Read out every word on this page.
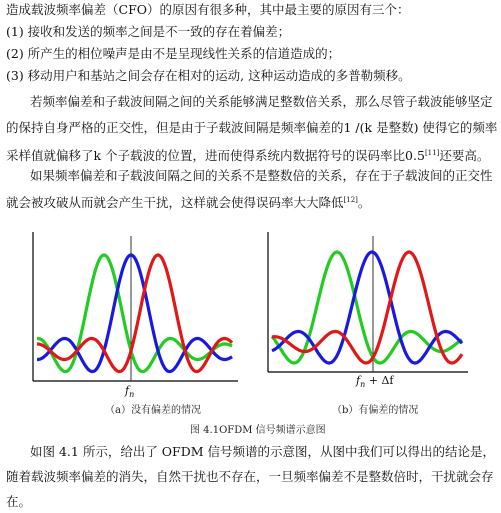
造成载波频率偏差（CFO）的原因有很多种，其中最主要的原因有三个：
(1) 接收和发送的频率之间是不一致的存在着偏差；
(2) 所产生的相位噪声是由不是呈现线性关系的信道造成的；
(3) 移动用户和基站之间会存在相对的运动, 这种运动造成的多普勒频移。
若频率偏差和子载波间隔之间的关系能够满足整数倍关系，那么尽管子载波能够坚定
的保持自身严格的正交性，但是由于子载波间隔是频率偏差的1 /(k 是整数) 使得它的频率
采样值就偏移了k 个子载波的位置，进而使得系统内数据符号的误码率比0.5[11]还要高。
如果频率偏差和子载波间隔之间的关系不是整数倍的关系，存在于子载波间的正交性
就会被攻破从而就会产生干扰，这样就会使得误码率大大降低[12]。
$f_n$
$f_n + \Delta f$
（a）没有偏差的情况	（b）有偏差的情况
图 4.1OFDM 信号频谱示意图
如图 4.1 所示，给出了 OFDM 信号频谱的示意图，从图中我们可以得出的结论是，
随着载波频率偏差的消失，自然干扰也不存在，一旦频率偏差不是整数倍时，干扰就会存
在。
